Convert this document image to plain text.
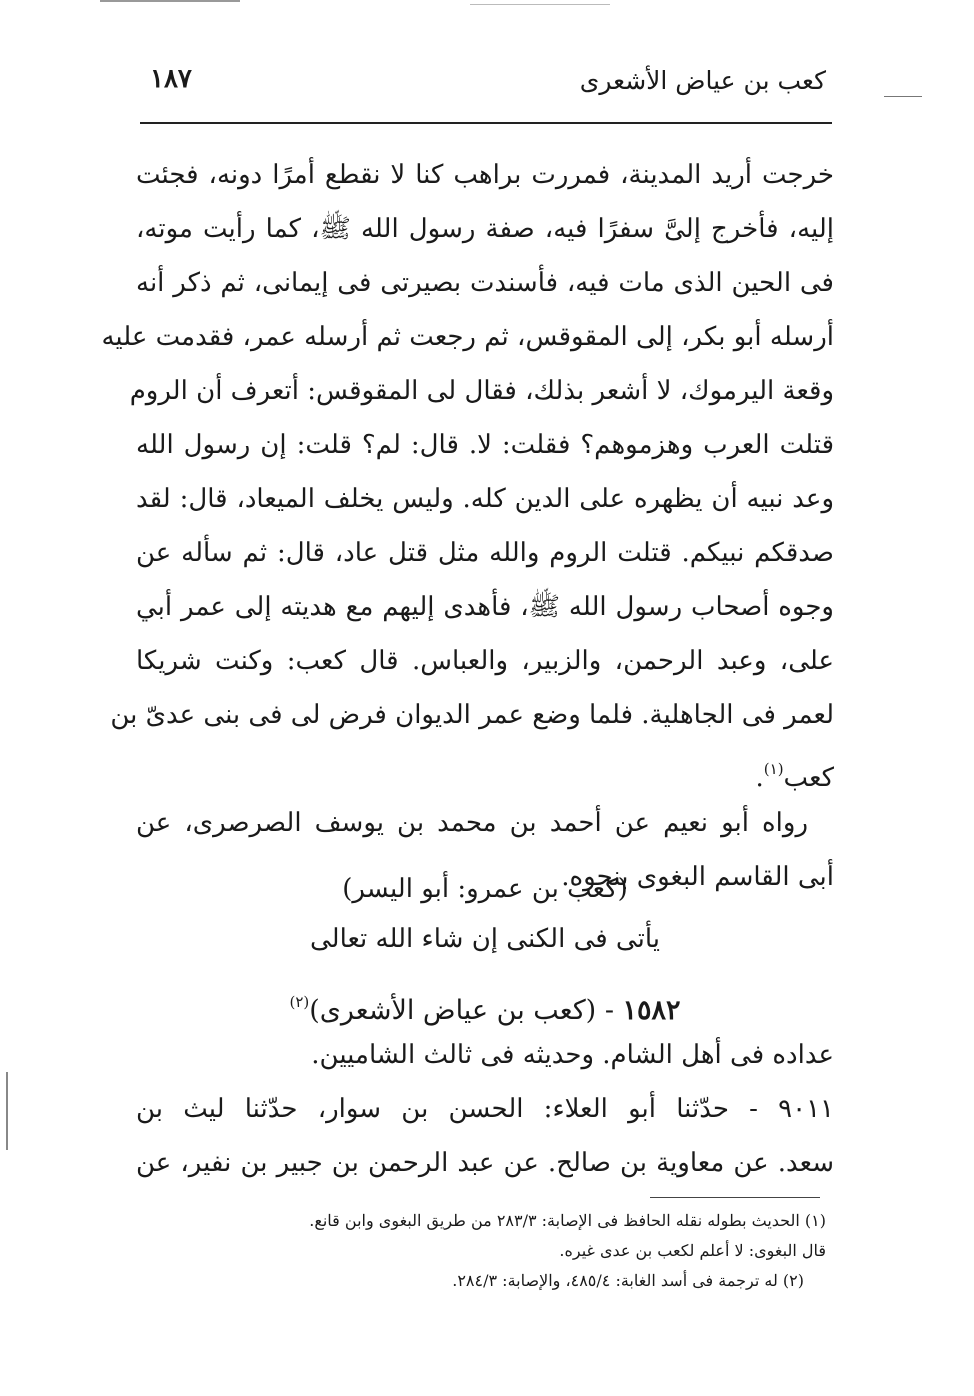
كعب بن عياض الأشعرى
١٨٧
خرجت أريد المدينة، فمررت براهب كنا لا نقطع أمرًا دونه، فجئت
إليه، فأخرج إلىَّ سفرًا فيه، صفة رسول الله ﷺ، كما رأيت موته،
فى الحين الذى مات فيه، فأسندت بصيرتى فى إيمانى، ثم ذكر أنه
أرسله أبو بكر، إلى المقوقس، ثم رجعت ثم أرسله عمر، فقدمت عليه
وقعة اليرموك، لا أشعر بذلك، فقال لى المقوقس: أتعرف أن الروم
قتلت العرب وهزموهم؟ فقلت: لا. قال: لم؟ قلت: إن رسول الله
وعد نبيه أن يظهره على الدين كله. وليس يخلف الميعاد، قال: لقد
صدقكم نبيكم. قتلت الروم والله مثل قتل عاد، قال: ثم سأله عن
وجوه أصحاب رسول الله ﷺ، فأهدى إليهم مع هديته إلى عمر أبي
على، وعبد الرحمن، والزبير، والعباس. قال كعب: وكنت شريكا
لعمر فى الجاهلية. فلما وضع عمر الديوان فرض لى فى بنى عدىّ بن
كعب$^{(١)}$.
رواه أبو نعيم عن أحمد بن محمد بن يوسف الصرصرى، عن
أبى القاسم البغوى بنحوه.
(كعب بن عمرو: أبو اليسر)
يأتى فى الكنى إن شاء الله تعالى
١٥٨٢ - (كعب بن عياض الأشعرى)$^{(٢)}$
عداده فى أهل الشام. وحديثه فى ثالث الشاميين.
٩٠١١ - حدّثنا أبو العلاء: الحسن بن سوار، حدّثنا ليث بن
سعد. عن معاوية بن صالح. عن عبد الرحمن بن جبير بن نفير، عن
(١) الحديث بطوله نقله الحافظ فى الإصابة: ٢٨٣/٣ من طريق البغوى وابن قانع.
قال البغوى: لا أعلم لكعب بن عدى غيره.
(٢) له ترجمة فى أسد الغابة: ٤٨٥/٤، والإصابة: ٢٨٤/٣.
